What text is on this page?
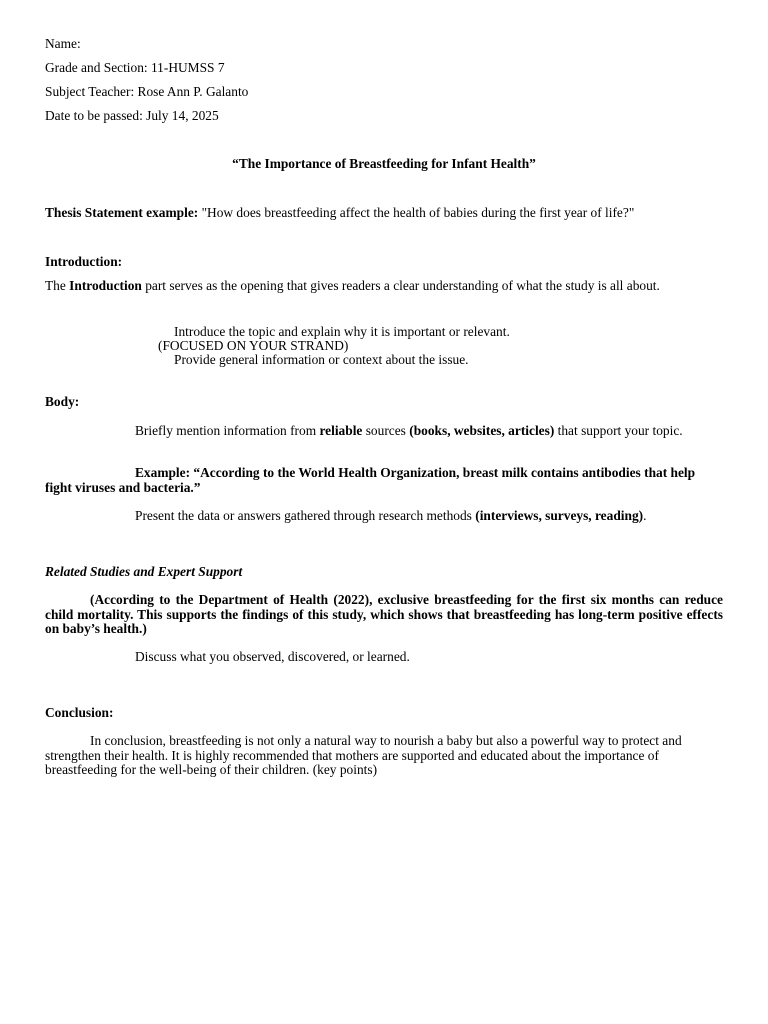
Name:
Grade and Section: 11-HUMSS 7
Subject Teacher: Rose Ann P. Galanto
Date to be passed: July 14, 2025
“The Importance of Breastfeeding for Infant Health”
Thesis Statement example: "How does breastfeeding affect the health of babies during the first year of life?"
Introduction:
The Introduction part serves as the opening that gives readers a clear understanding of what the study is all about.
Introduce the topic and explain why it is important or relevant.
(FOCUSED ON YOUR STRAND)
Provide general information or context about the issue.
Body:
Briefly mention information from reliable sources (books, websites, articles) that support your topic.
Example: “According to the World Health Organization, breast milk contains antibodies that help fight viruses and bacteria.”
Present the data or answers gathered through research methods (interviews, surveys, reading).
Related Studies and Expert Support
(According to the Department of Health (2022), exclusive breastfeeding for the first six months can reduce child mortality. This supports the findings of this study, which shows that breastfeeding has long-term positive effects on baby’s health.)
Discuss what you observed, discovered, or learned.
Conclusion:
In conclusion, breastfeeding is not only a natural way to nourish a baby but also a powerful way to protect and strengthen their health. It is highly recommended that mothers are supported and educated about the importance of breastfeeding for the well-being of their children. (key points)
